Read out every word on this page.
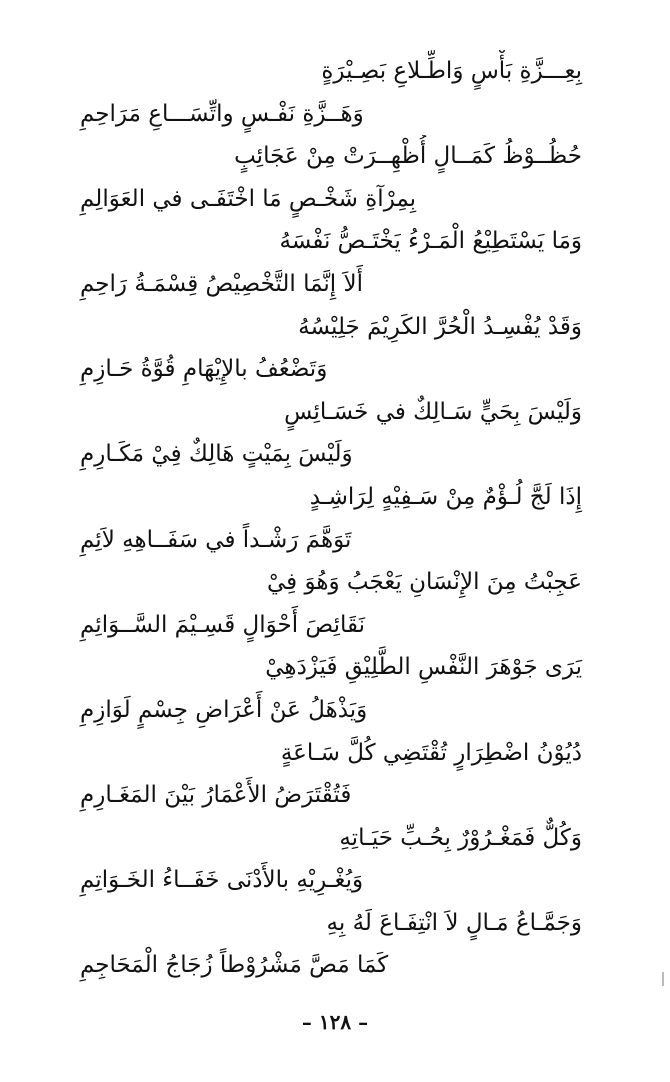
بِعِـــزَّةِ بَأْسٍ وَاطِّـلاعِ بَصِـيْرَةٍ
وَهَــزَّةِ نَفْـسٍ واتِّسَـــاعِ مَرَاحِمِ
حُظُــوْظُ كَمَــالٍ أُظْهِــرَتْ مِنْ عَجَائِبٍ
بِمِرْآةِ شَخْـصٍ مَا اخْتَفَـى في العَوَالِمِ
وَمَا يَسْتَطِيْعُ الْمَـرْءُ يَخْتَـصُّ نَفْسَهُ
أَلاَ إِنَّمَا التَّخْصِيْصُ قِسْمَـةُ رَاحِمِ
وَقَدْ يُفْسِـدُ الْحُرَّ الكَرِيْمَ جَلِيْسُهُ
وَتَضْعُفُ بالإِيْهَامِ قُوَّةُ حَـازِمِ
وَلَيْسَ بِحَيٍّ سَـالِكٌ في خَسَـائِسٍ
وَلَيْسَ بِمَيْتٍ هَالِكٌ فِيْ مَكَـارِمِ
إِذَا لَجَّ لُـؤْمٌ مِنْ سَـفِيْهٍ لِرَاشِـدٍ
تَوَهَّمَ رَشْـداً في سَفَــاهِهِ لاَئِمِ
عَجِبْتُ مِنَ الإِنْسَانِ يَعْجَبُ وَهُوَ فِيْ
نَقَائِصَ أَحْوَالٍ قَسِـيْمَ السَّــوَائِمِ
يَرَى جَوْهَرَ النَّفْسِ الطَّلِيْقِ فَيَزْدَهِيْ
وَيَذْهَلُ عَنْ أَعْرَاضِ جِسْمٍ لَوَازِمِ
دُيُوْنُ اضْطِرَارٍ تُقْتَضِي كُلَّ سَـاعَةٍ
فَتُقْتَرَضُ الأَعْمَارُ بَيْنَ المَغَـارِمِ
وَكُلٌّ فَمَغْـرُوْرٌ بِحُـبِّ حَيَـاتِهِ
وَيُغْـرِيْهِ بالأَدْنَى خَفَــاءُ الخَـوَاتِمِ
وَجَمَّـاعُ مَـالٍ لاَ انْتِفَـاعَ لَهُ بِهِ
كَمَا مَصَّ مَشْرُوْطاً زُجَاجُ الْمَحَاجِمِ
– ١٢٨ –
